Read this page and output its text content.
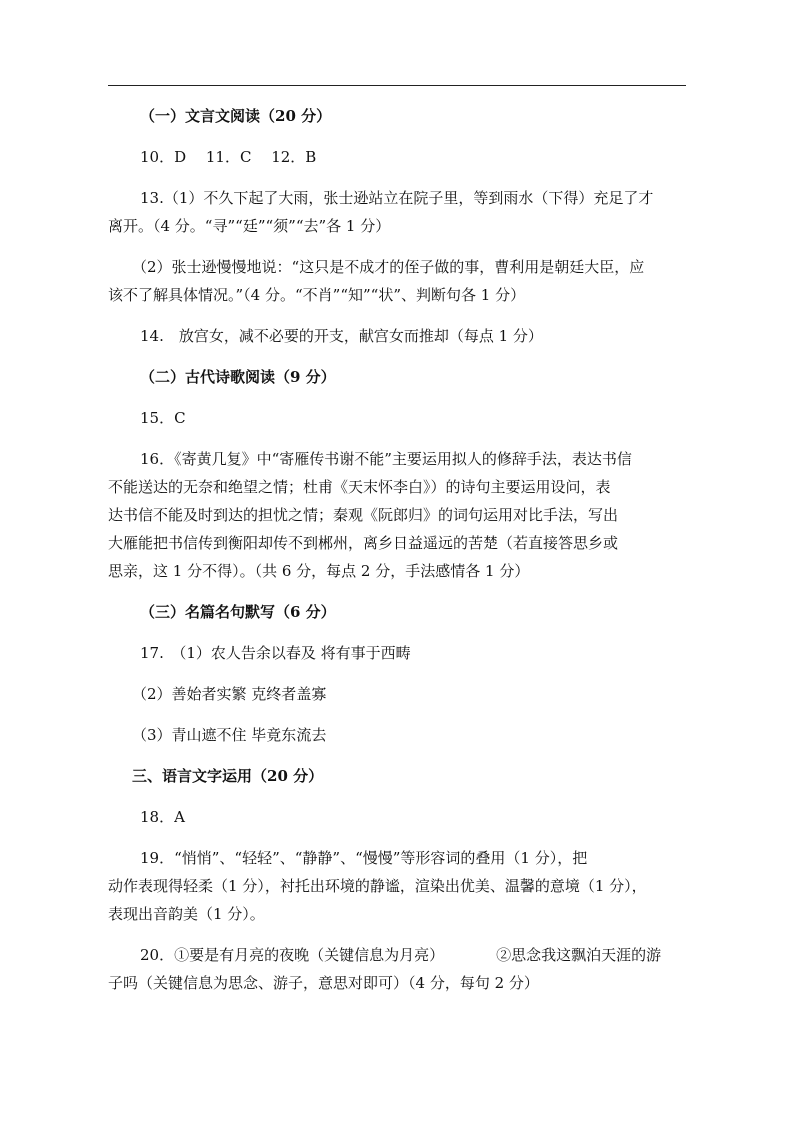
（一）文言文阅读（20 分）

10．D　 11．C　 12．B

13.（1）不久下起了大雨，张士逊站立在院子里，等到雨水（下得）充足了才

离开。（4 分。“寻”“廷”“须”“去”各 1 分）

（2）张士逊慢慢地说：“这只是不成才的侄子做的事，曹利用是朝廷大臣，应

该不了解具体情况。”（4 分。“不肖”“知”“状”、判断句各 1 分）

14.　放宫女，减不必要的开支，献宫女而推却（每点 1 分）

（二）古代诗歌阅读（9 分）

15．C

16．《寄黄几复》中“寄雁传书谢不能”主要运用拟人的修辞手法，表达书信

不能送达的无奈和绝望之情；杜甫《天末怀李白》）的诗句主要运用设问，表

达书信不能及时到达的担忧之情；秦观《阮郎归》的词句运用对比手法，写出

大雁能把书信传到衡阳却传不到郴州，离乡日益遥远的苦楚（若直接答思乡或

思亲，这 1 分不得）。（共 6 分，每点 2 分，手法感情各 1 分）

（三）名篇名句默写（6 分）

17.　（1）农人告余以春及 将有事于西畴

（2）善始者实繁 克终者盖寡

（3）青山遮不住 毕竟东流去

三、语言文字运用（20 分）

18．A

19．“悄悄”、“轻轻”、“静静”、“慢慢”等形容词的叠用（1 分），把

动作表现得轻柔（1 分），衬托出环境的静谧，渲染出优美、温馨的意境（1 分），

表现出音韵美（1 分）。

20．①要是有月亮的夜晚（关键信息为月亮）	②思念我这飘泊天涯的游

子吗（关键信息为思念、游子，意思对即可）（4 分，每句 2 分）
